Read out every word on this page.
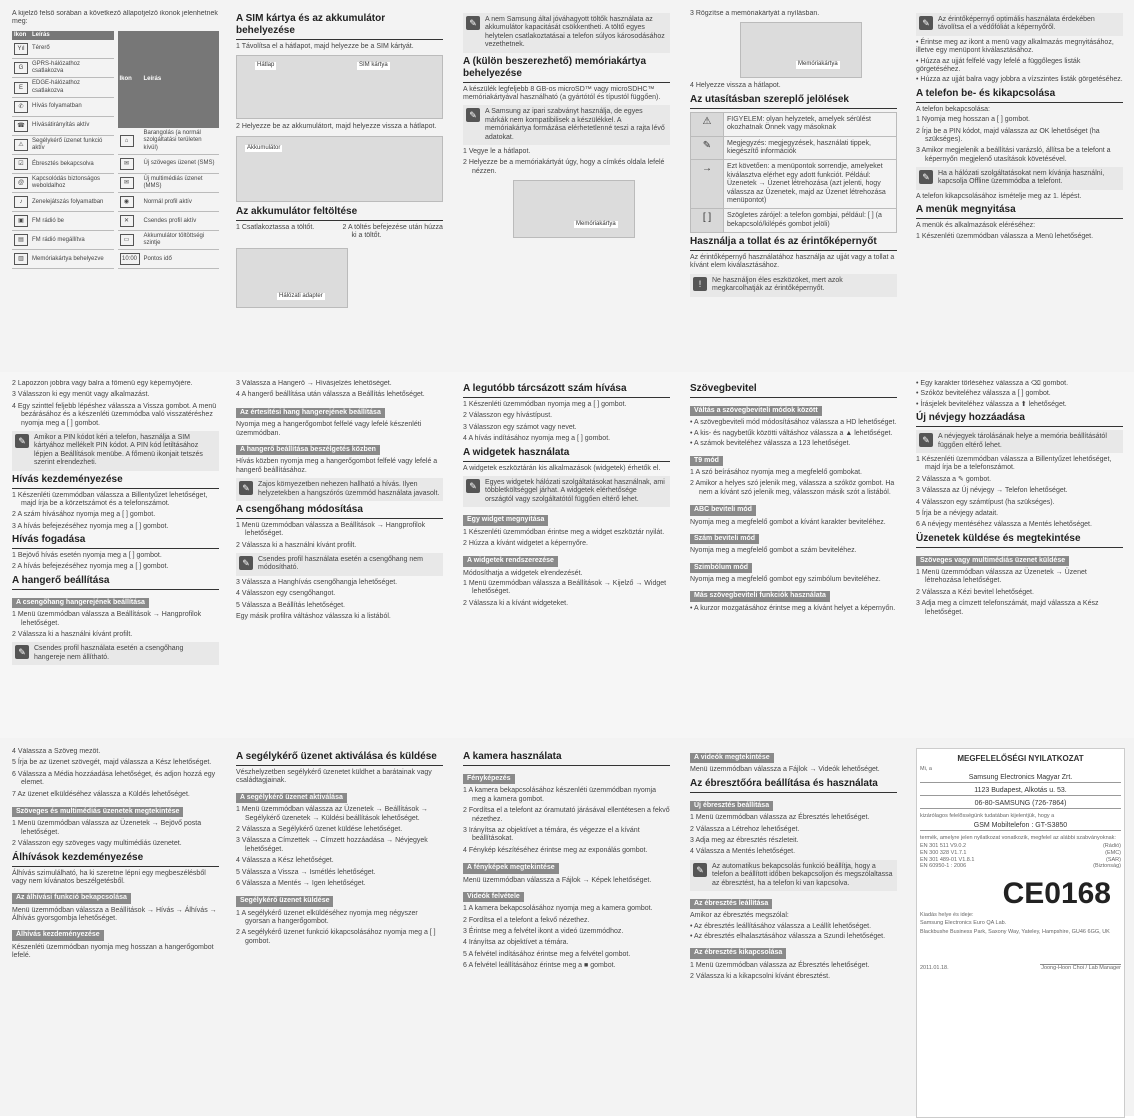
A kijelző felső sorában a következő állapotjelző ikonok jelenhetnek meg:

Ikon	Leírás
Yıl	Térerő
G	GPRS-hálózathoz csatlakozva
E	EDGE-hálózathoz csatlakozva
✆	Hívás folyamatban
☎	Hívásátirányítás aktív
⚠	Segélykérő üzenet funkció aktív
☑	Ébresztés bekapcsolva
@	Kapcsolódás biztonságos weboldalhoz
♪	Zenelejátszás folyamatban
▣	FM rádió be
▤	FM rádió megállítva
▥	Memóriakártya behelyezve
Ikon	Leírás
⌂	Barangolás (a normál szolgáltatási területen kívül)
✉	Új szöveges üzenet (SMS)
✉	Új multimédiás üzenet (MMS)
◉	Normál profil aktív
✕	Csendes profil aktív
▭	Akkumulátor töltöttségi szintje
10:00	Pontos idő
A SIM kártya és az akkumulátor behelyezése

1 Távolítsa el a hátlapot, majd helyezze be a SIM kártyát.

Hátlap	SIM kártya

2 Helyezze be az akkumulátort, majd helyezze vissza a hátlapot.

Akkumulátor
Az akkumulátor feltöltése

1 Csatlakoztassa a töltőt.	2 A töltés befejezése után húzza ki a töltőt.

Hálózati adapter
✎	A nem Samsung által jóváhagyott töltők használata az akkumulátor kapacitását csökkentheti. A töltő egyes helytelen csatlakoztatásai a telefon súlyos károsodásához vezethetnek.
A (külön beszerezhető) memóriakártya behelyezése

A készülék legfeljebb 8 GB-os microSD™ vagy microSDHC™ memóriakártyával használható (a gyártótól és típustól függően).

✎	A Samsung az ipari szabványt használja, de egyes márkák nem kompatibilisek a készülékkel. A memóriakártya formázása elérhetetlenné teszi a rajta lévő adatokat.

1 Vegye le a hátlapot.

2 Helyezze be a memóriakártyát úgy, hogy a címkés oldala lefelé nézzen.

Memóriakártya

3 Rögzítse a memóriakártyát a nyílásban.

Memóriakártya

4 Helyezze vissza a hátlapot.

Az utasításban szereplő jelölések
⚠	FIGYELEM: olyan helyzetek, amelyek sérülést okozhatnak Önnek vagy másoknak
✎	Megjegyzés: megjegyzések, használati tippek, kiegészítő információk
→	Ezt követően: a menüpontok sorrendje, amelyeket kiválasztva elérhet egy adott funkciót. Például: Üzenetek → Üzenet létrehozása (azt jelenti, hogy válassza az Üzenetek, majd az Üzenet létrehozása menüpontot)
[ ]	Szögletes zárójel: a telefon gombjai, például: [ ] (a bekapcsoló/kilépés gombot jelöli)
Használja a tollat és az érintőképernyőt

Az érintőképernyő használatához használja az ujját vagy a tollat a kívánt elem kiválasztásához.

!	Ne használjon éles eszközöket, mert azok megkarcolhatják az érintőképernyőt.
✎	Az érintőképernyő optimális használata érdekében távolítsa el a védőfóliát a képernyőről.

• Érintse meg az ikont a menü vagy alkalmazás megnyitásához, illetve egy menüpont kiválasztásához.

• Húzza az ujját felfelé vagy lefelé a függőleges listák görgetéséhez.

• Húzza az ujját balra vagy jobbra a vízszintes listák görgetéséhez.

A telefon be- és kikapcsolása

A telefon bekapcsolása:

1 Nyomja meg hosszan a [ ] gombot.

2 Írja be a PIN kódot, majd válassza az OK lehetőséget (ha szükséges).

3 Amikor megjelenik a beállítási varázsló, állítsa be a telefont a képernyőn megjelenő utasítások követésével.

✎	Ha a hálózati szolgáltatásokat nem kívánja használni, kapcsolja Offline üzemmódba a telefont.

A telefon kikapcsolásához ismételje meg az 1. lépést.

A menük megnyitása

A menük és alkalmazások eléréséhez:

1 Készenléti üzemmódban válassza a Menü lehetőséget.

2 Lapozzon jobbra vagy balra a főmenü egy képernyőjére.

3 Válasszon ki egy menüt vagy alkalmazást.

4 Egy szinttel feljebb lépéshez válassza a Vissza gombot. A menü bezárásához és a készenléti üzemmódba való visszatéréshez nyomja meg a [ ] gombot.

✎	Amikor a PIN kódot kéri a telefon, használja a SIM kártyához mellékelt PIN kódot. A PIN kód letiltásához lépjen a Beállítások menübe. A főmenü ikonjait tetszés szerint elrendezheti.
Hívás kezdeményezése

1 Készenléti üzemmódban válassza a Billentyűzet lehetőséget, majd írja be a körzetszámot és a telefonszámot.

2 A szám hívásához nyomja meg a [ ] gombot.

3 A hívás befejezéséhez nyomja meg a [ ] gombot.

Hívás fogadása

1 Bejövő hívás esetén nyomja meg a [ ] gombot.

2 A hívás befejezéséhez nyomja meg a [ ] gombot.

A hangerő beállítása
A csengőhang hangerejének beállítása

1 Menü üzemmódban válassza a Beállítások → Hangprofilok lehetőséget.

2 Válassza ki a használni kívánt profilt.

✎	Csendes profil használata esetén a csengőhang hangereje nem állítható.

3 Válassza a Hangerő → Hívásjelzés lehetőséget.

4 A hangerő beállítása után válassza a Beállítás lehetőséget.

Az értesítési hang hangerejének beállítása

Nyomja meg a hangerőgombot felfelé vagy lefelé készenléti üzemmódban.

A hangerő beállítása beszélgetés közben

Hívás közben nyomja meg a hangerőgombot felfelé vagy lefelé a hangerő beállításához.

✎	Zajos környezetben nehezen hallható a hívás. Ilyen helyzetekben a hangszórós üzemmód használata javasolt.
A csengőhang módosítása

1 Menü üzemmódban válassza a Beállítások → Hangprofilok lehetőséget.

2 Válassza ki a használni kívánt profilt.

✎	Csendes profil használata esetén a csengőhang nem módosítható.

3 Válassza a Hanghívás csengőhangja lehetőséget.

4 Válasszon egy csengőhangot.

5 Válassza a Beállítás lehetőséget.

Egy másik profilra váltáshoz válassza ki a listából.

A legutóbb tárcsázott szám hívása

1 Készenléti üzemmódban nyomja meg a [ ] gombot.

2 Válasszon egy hívástípust.

3 Válasszon egy számot vagy nevet.

4 A hívás indításához nyomja meg a [ ] gombot.

A widgetek használata

A widgetek eszköztárán kis alkalmazások (widgetek) érhetők el.

✎	Egyes widgetek hálózati szolgáltatásokat használnak, ami többletköltséggel járhat. A widgetek elérhetősége országtól vagy szolgáltatótól függően eltérő lehet.
Egy widget megnyitása

1 Készenléti üzemmódban érintse meg a widget eszköztár nyilát.

2 Húzza a kívánt widgetet a képernyőre.

A widgetek rendszerezése

Módosíthatja a widgetek elrendezését.

1 Menü üzemmódban válassza a Beállítások → Kijelző → Widget lehetőséget.

2 Válassza ki a kívánt widgeteket.

Szövegbevitel
Váltás a szövegbeviteli módok között

• A szövegbeviteli mód módosításához válassza a HD lehetőséget.

• A kis- és nagybetűk közötti váltáshoz válassza a ▲ lehetőséget.

• A számok beviteléhez válassza a 123 lehetőséget.

T9 mód

1 A szó beírásához nyomja meg a megfelelő gombokat.

2 Amikor a helyes szó jelenik meg, válassza a szóköz gombot. Ha nem a kívánt szó jelenik meg, válasszon másik szót a listából.

ABC beviteli mód

Nyomja meg a megfelelő gombot a kívánt karakter beviteléhez.

Szám beviteli mód

Nyomja meg a megfelelő gombot a szám beviteléhez.

Szimbólum mód

Nyomja meg a megfelelő gombot egy szimbólum beviteléhez.

Más szövegbeviteli funkciók használata

• A kurzor mozgatásához érintse meg a kívánt helyet a képernyőn.

• Egy karakter törléséhez válassza a ⌫ gombot.

• Szóköz beviteléhez válassza a [ ] gombot.

• Írásjelek beviteléhez válassza a ⬆ lehetőséget.

Új névjegy hozzáadása
✎	A névjegyek tárolásának helye a memória beállításától függően eltérő lehet.

1 Készenléti üzemmódban válassza a Billentyűzet lehetőséget, majd írja be a telefonszámot.

2 Válassza a ✎ gombot.

3 Válassza az Új névjegy → Telefon lehetőséget.

4 Válasszon egy számtípust (ha szükséges).

5 Írja be a névjegy adatait.

6 A névjegy mentéséhez válassza a Mentés lehetőséget.

Üzenetek küldése és megtekintése
Szöveges vagy multimédiás üzenet küldése

1 Menü üzemmódban válassza az Üzenetek → Üzenet létrehozása lehetőséget.

2 Válassza a Kézi bevitel lehetőséget.

3 Adja meg a címzett telefonszámát, majd válassza a Kész lehetőséget.

4 Válassza a Szöveg mezőt.

5 Írja be az üzenet szövegét, majd válassza a Kész lehetőséget.

6 Válassza a Média hozzáadása lehetőséget, és adjon hozzá egy elemet.

7 Az üzenet elküldéséhez válassza a Küldés lehetőséget.

Szöveges és multimédiás üzenetek megtekintése

1 Menü üzemmódban válassza az Üzenetek → Bejövő posta lehetőséget.

2 Válasszon egy szöveges vagy multimédiás üzenetet.

Álhívások kezdeményezése

Álhívás szimulálható, ha ki szeretne lépni egy megbeszélésből vagy nem kívánatos beszélgetésből.

Az álhívási funkció bekapcsolása

Menü üzemmódban válassza a Beállítások → Hívás → Álhívás → Álhívás gyorsgombja lehetőséget.

Álhívás kezdeményezése

Készenléti üzemmódban nyomja meg hosszan a hangerőgombot lefelé.

A segélykérő üzenet aktiválása és küldése

Vészhelyzetben segélykérő üzenetet küldhet a barátainak vagy családtagjainak.

A segélykérő üzenet aktiválása

1 Menü üzemmódban válassza az Üzenetek → Beállítások → Segélykérő üzenetek → Küldési beállítások lehetőséget.

2 Válassza a Segélykérő üzenet küldése lehetőséget.

3 Válassza a Címzettek → Címzett hozzáadása → Névjegyek lehetőséget.

4 Válassza a Kész lehetőséget.

5 Válassza a Vissza → Ismétlés lehetőséget.

6 Válassza a Mentés → Igen lehetőséget.

Segélykérő üzenet küldése

1 A segélykérő üzenet elküldéséhez nyomja meg négyszer gyorsan a hangerőgombot.

2 A segélykérő üzenet funkció kikapcsolásához nyomja meg a [ ] gombot.

A kamera használata
Fényképezés

1 A kamera bekapcsolásához készenléti üzemmódban nyomja meg a kamera gombot.

2 Fordítsa el a telefont az óramutató járásával ellentétesen a fekvő nézethez.

3 Irányítsa az objektívet a témára, és végezze el a kívánt beállításokat.

4 Fénykép készítéséhez érintse meg az exponálás gombot.

A fényképek megtekintése

Menü üzemmódban válassza a Fájlok → Képek lehetőséget.

Videók felvétele

1 A kamera bekapcsolásához nyomja meg a kamera gombot.

2 Fordítsa el a telefont a fekvő nézethez.

3 Érintse meg a felvétel ikont a videó üzemmódhoz.

4 Irányítsa az objektívet a témára.

5 A felvétel indításához érintse meg a felvétel gombot.

6 A felvétel leállításához érintse meg a ■ gombot.

A videók megtekintése

Menü üzemmódban válassza a Fájlok → Videók lehetőséget.

Az ébresztőóra beállítása és használata
Új ébresztés beállítása

1 Menü üzemmódban válassza az Ébresztés lehetőséget.

2 Válassza a Létrehoz lehetőséget.

3 Adja meg az ébresztés részleteit.

4 Válassza a Mentés lehetőséget.

✎	Az automatikus bekapcsolás funkció beállítja, hogy a telefon a beállított időben bekapcsoljon és megszólaltassa az ébresztést, ha a telefon ki van kapcsolva.
Az ébresztés leállítása

Amikor az ébresztés megszólal:

• Az ébresztés leállításához válassza a Leállít lehetőséget.

• Az ébresztés elhalasztásához válassza a Szundi lehetőséget.

Az ébresztés kikapcsolása

1 Menü üzemmódban válassza az Ébresztés lehetőséget.

2 Válassza ki a kikapcsolni kívánt ébresztést.

MEGFELELŐSÉGI NYILATKOZAT

Mi, a

Samsung Electronics Magyar Zrt.
1123 Budapest, Alkotás u. 53.
06-80-SAMSUNG (726-7864)

kizárólagos felelősségünk tudatában kijelentjük, hogy a

GSM Mobiltelefon : GT-S3850

termék, amelyre jelen nyilatkozat vonatkozik, megfelel az alábbi szabványoknak:

EN 301 511 V9.0.2	(Rádió)
EN 300 328 V1.7.1	(EMC)
EN 301 489-01 V1.8.1	(SAR)
EN 60950-1 : 2006	(Biztonság)
CE0168

Kiadás helye és ideje:

Samsung Electronics Euro QA Lab.

Blackbushe Business Park, Saxony Way, Yateley, Hampshire, GU46 6GG, UK

2011.01.18.	Joong-Hoon Choi / Lab Manager
